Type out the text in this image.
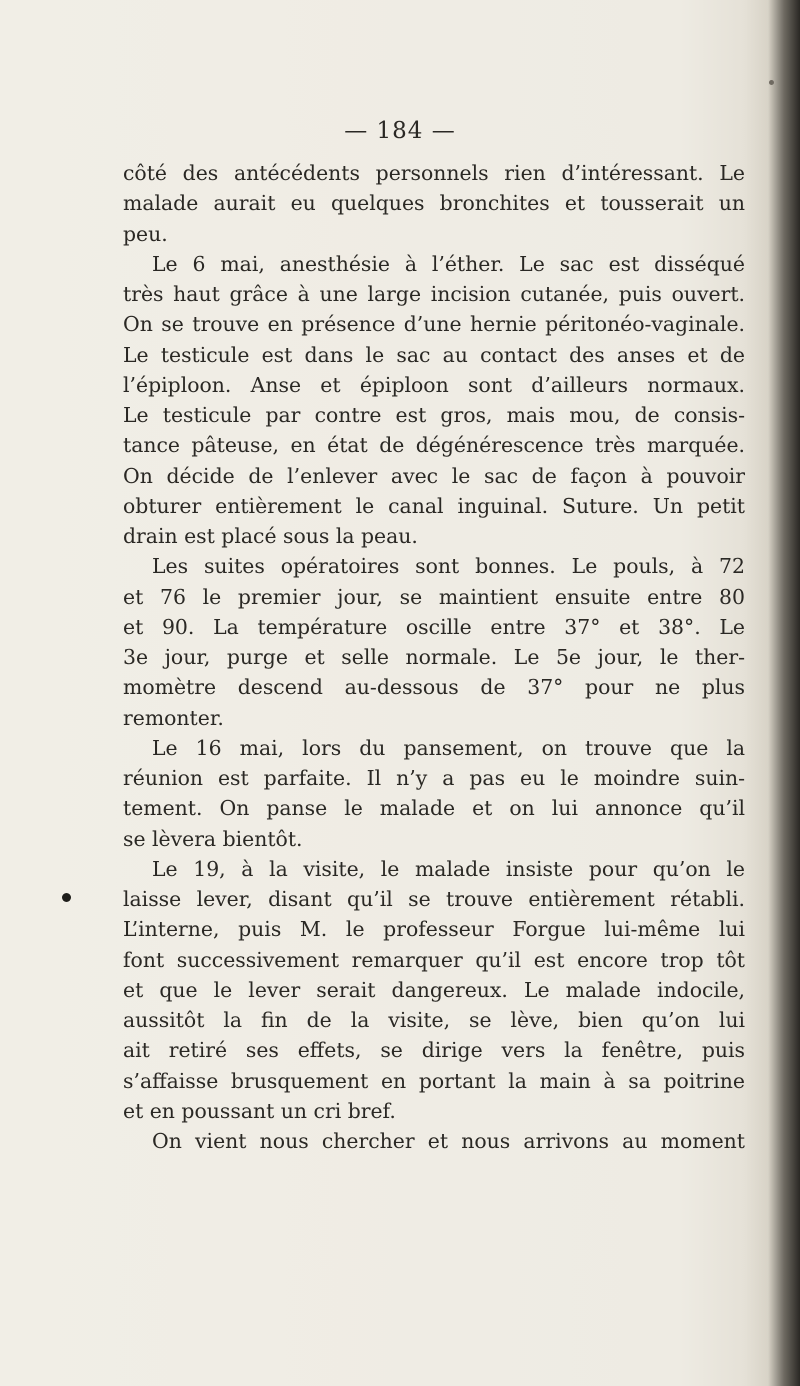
— 184 —

côté des antécédents personnels rien d’intéressant. Le
malade aurait eu quelques bronchites et tousserait un
peu.

Le 6 mai, anesthésie à l’éther. Le sac est disséqué
très haut grâce à une large incision cutanée, puis ouvert.
On se trouve en présence d’une hernie péritonéo-vaginale.
Le testicule est dans le sac au contact des anses et de
l’épiploon. Anse et épiploon sont d’ailleurs normaux.
Le testicule par contre est gros, mais mou, de consis-
tance pâteuse, en état de dégénérescence très marquée.
On décide de l’enlever avec le sac de façon à pouvoir
obturer entièrement le canal inguinal. Suture. Un petit
drain est placé sous la peau.

Les suites opératoires sont bonnes. Le pouls, à 72
et 76 le premier jour, se maintient ensuite entre 80
et 90. La température oscille entre 37° et 38°. Le
3e jour, purge et selle normale. Le 5e jour, le ther-
momètre descend au-dessous de 37° pour ne plus
remonter.

Le 16 mai, lors du pansement, on trouve que la
réunion est parfaite. Il n’y a pas eu le moindre suin-
tement. On panse le malade et on lui annonce qu’il
se lèvera bientôt.

Le 19, à la visite, le malade insiste pour qu’on le
laisse lever, disant qu’il se trouve entièrement rétabli.
L’interne, puis M. le professeur Forgue lui-même lui
font successivement remarquer qu’il est encore trop tôt
et que le lever serait dangereux. Le malade indocile,
aussitôt la fin de la visite, se lève, bien qu’on lui
ait retiré ses effets, se dirige vers la fenêtre, puis
s’affaisse brusquement en portant la main à sa poitrine
et en poussant un cri bref.

On vient nous chercher et nous arrivons au moment
